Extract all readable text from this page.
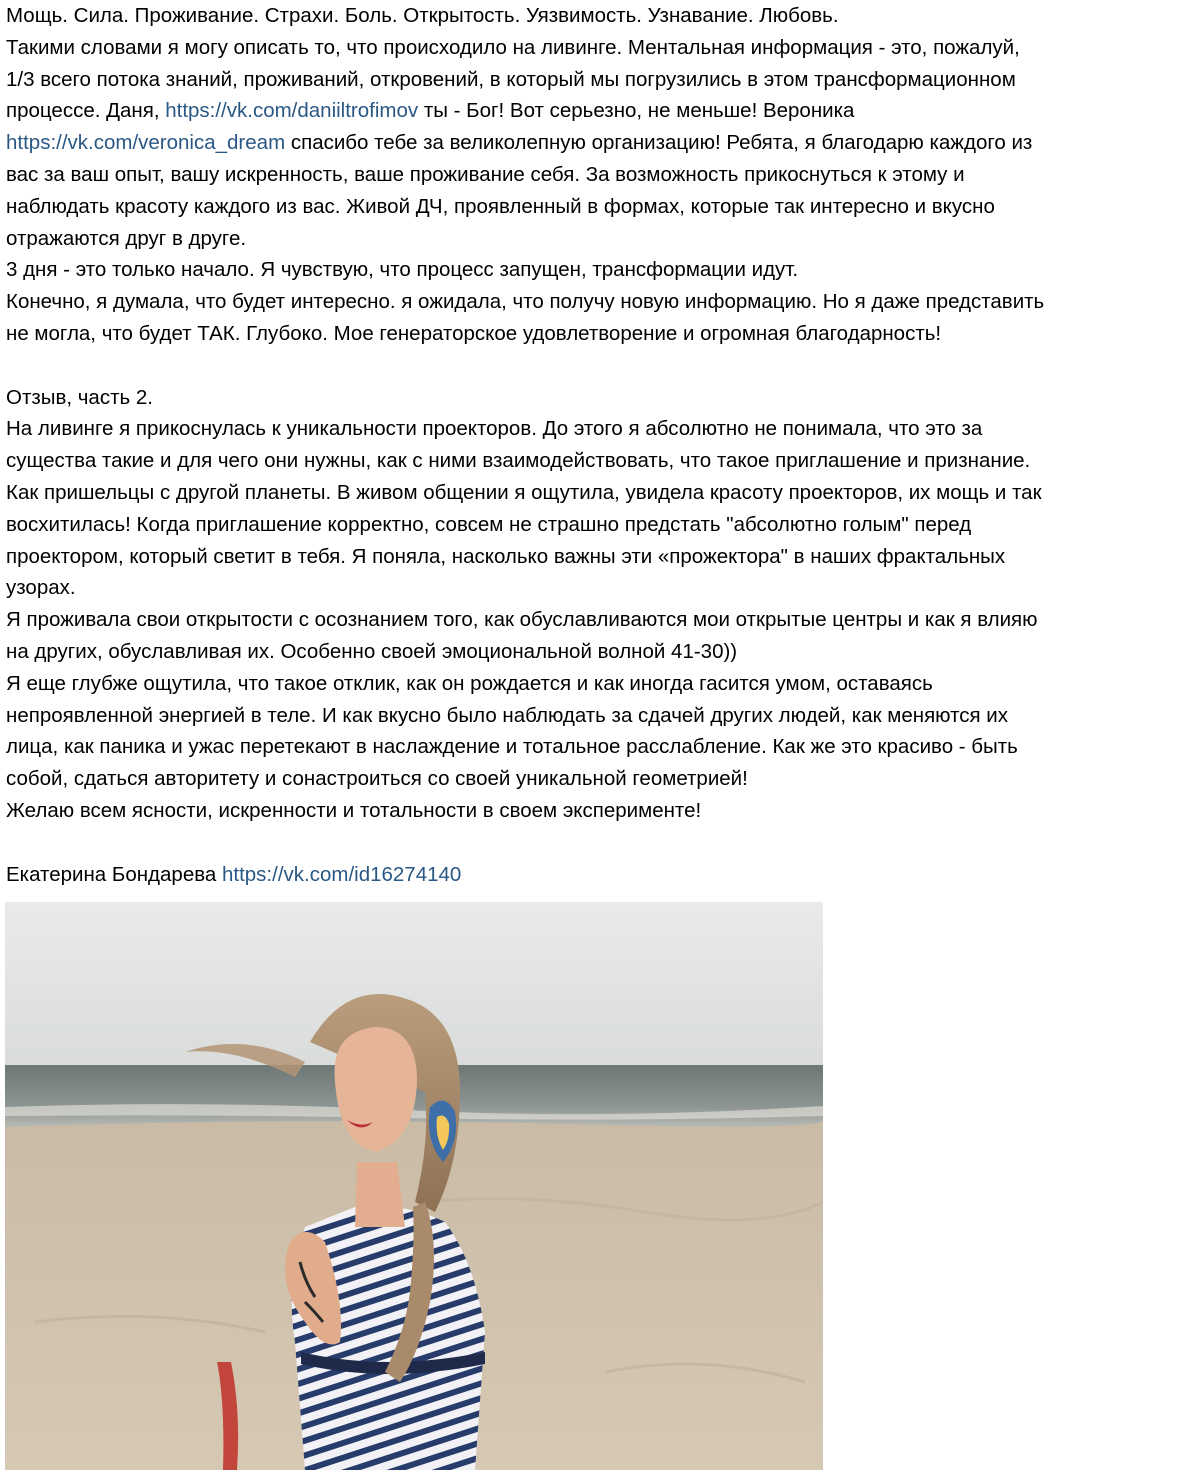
Мощь. Сила. Проживание. Страхи. Боль. Открытость. Уязвимость. Узнавание. Любовь.
Такими словами я могу описать то, что происходило на ливинге. Ментальная информация - это, пожалуй,
1/3 всего потока знаний, проживаний, откровений, в который мы погрузились в этом трансформационном
процессе. Даня, https://vk.com/daniiltrofimov ты - Бог! Вот серьезно, не меньше! Вероника
https://vk.com/veronica_dream спасибо тебе за великолепную организацию! Ребята, я благодарю каждого из
вас за ваш опыт, вашу искренность, ваше проживание себя. За возможность прикоснуться к этому и
наблюдать красоту каждого из вас. Живой ДЧ, проявленный в формах, которые так интересно и вкусно
отражаются друг в друге.
3 дня - это только начало. Я чувствую, что процесс запущен, трансформации идут.
Конечно, я думала, что будет интересно. я ожидала, что получу новую информацию. Но я даже представить
не могла, что будет ТАК. Глубоко. Мое генераторское удовлетворение и огромная благодарность!
Отзыв, часть 2.
На ливинге я прикоснулась к уникальности проекторов. До этого я абсолютно не понимала, что это за
существа такие и для чего они нужны, как с ними взаимодействовать, что такое приглашение и признание.
Как пришельцы с другой планеты. В живом общении я ощутила, увидела красоту проекторов, их мощь и так
восхитилась! Когда приглашение корректно, совсем не страшно предстать "абсолютно голым" перед
проектором, который светит в тебя. Я поняла, насколько важны эти «прожектора" в наших фрактальных
узорах.
Я проживала свои открытости с осознанием того, как обуславливаются мои открытые центры и как я влияю
на других, обуславливая их. Особенно своей эмоциональной волной 41-30))
Я еще глубже ощутила, что такое отклик, как он рождается и как иногда гасится умом, оставаясь
непроявленной энергией в теле. И как вкусно было наблюдать за сдачей других людей, как меняются их
лица, как паника и ужас перетекают в наслаждение и тотальное расслабление. Как же это красиво - быть
собой, сдаться авторитету и сонастроиться со своей уникальной геометрией!
Желаю всем ясности, искренности и тотальности в своем эксперименте!
Екатерина Бондарева https://vk.com/id16274140
